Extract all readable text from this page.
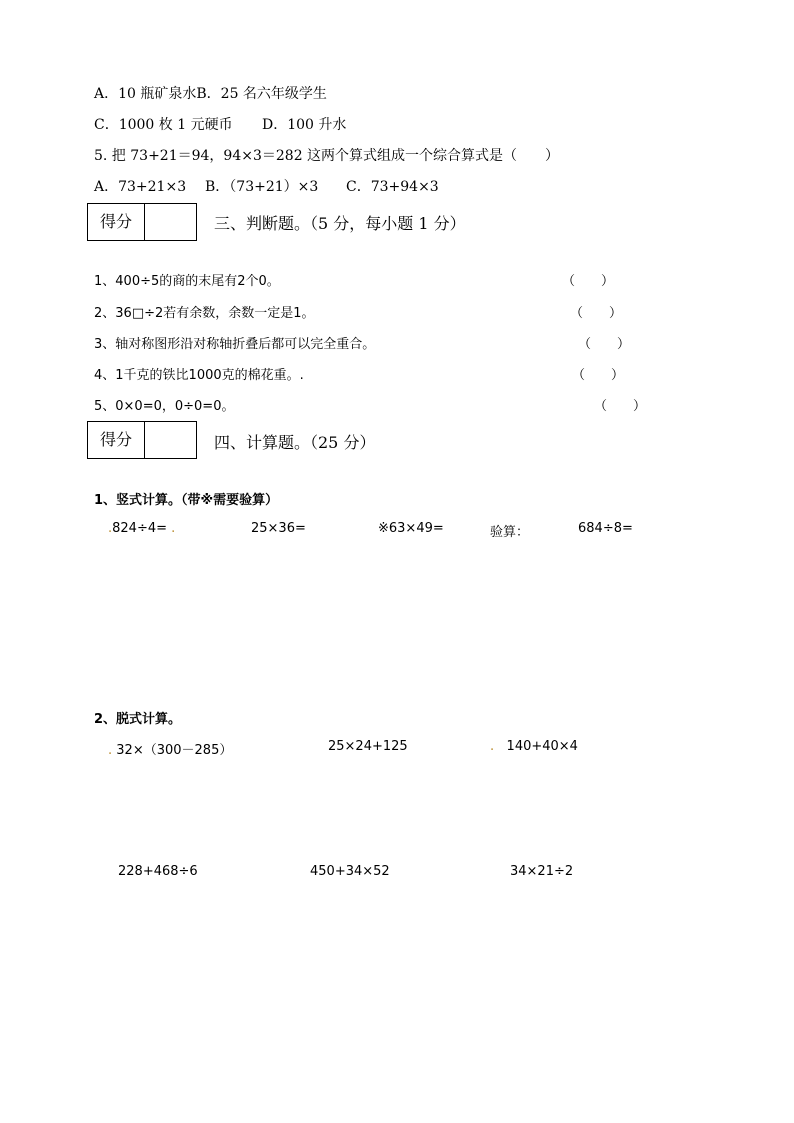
A．10 瓶矿泉水B．25 名六年级学生
C．1000 枚 1 元硬币 D．100 升水
5. 把 73+21＝94，94×3＝282 这两个算式组成一个综合算式是（　　）
A．73+21×3 B．（73+21）×3 C．73+94×3
得分	三、判断题。（5 分，每小题 1 分）
1、400÷5的商的末尾有2个0。	（　　）
2、36□÷2若有余数，余数一定是1。	（　　）
3、轴对称图形沿对称轴折叠后都可以完全重合。	（　　）
4、1千克的铁比1000克的棉花重。.	（　　）
5、0×0=0，0÷0=0。	（　　）
得分	四、计算题。（25 分）
1、竖式计算。（带※需要验算）
.824÷4= .	25×36=	※63×49=	验算：	684÷8=
2、脱式计算。
. 32×（300－285）	25×24+125	. 140+40×4
228+468÷6	450+34×52	34×21÷2
